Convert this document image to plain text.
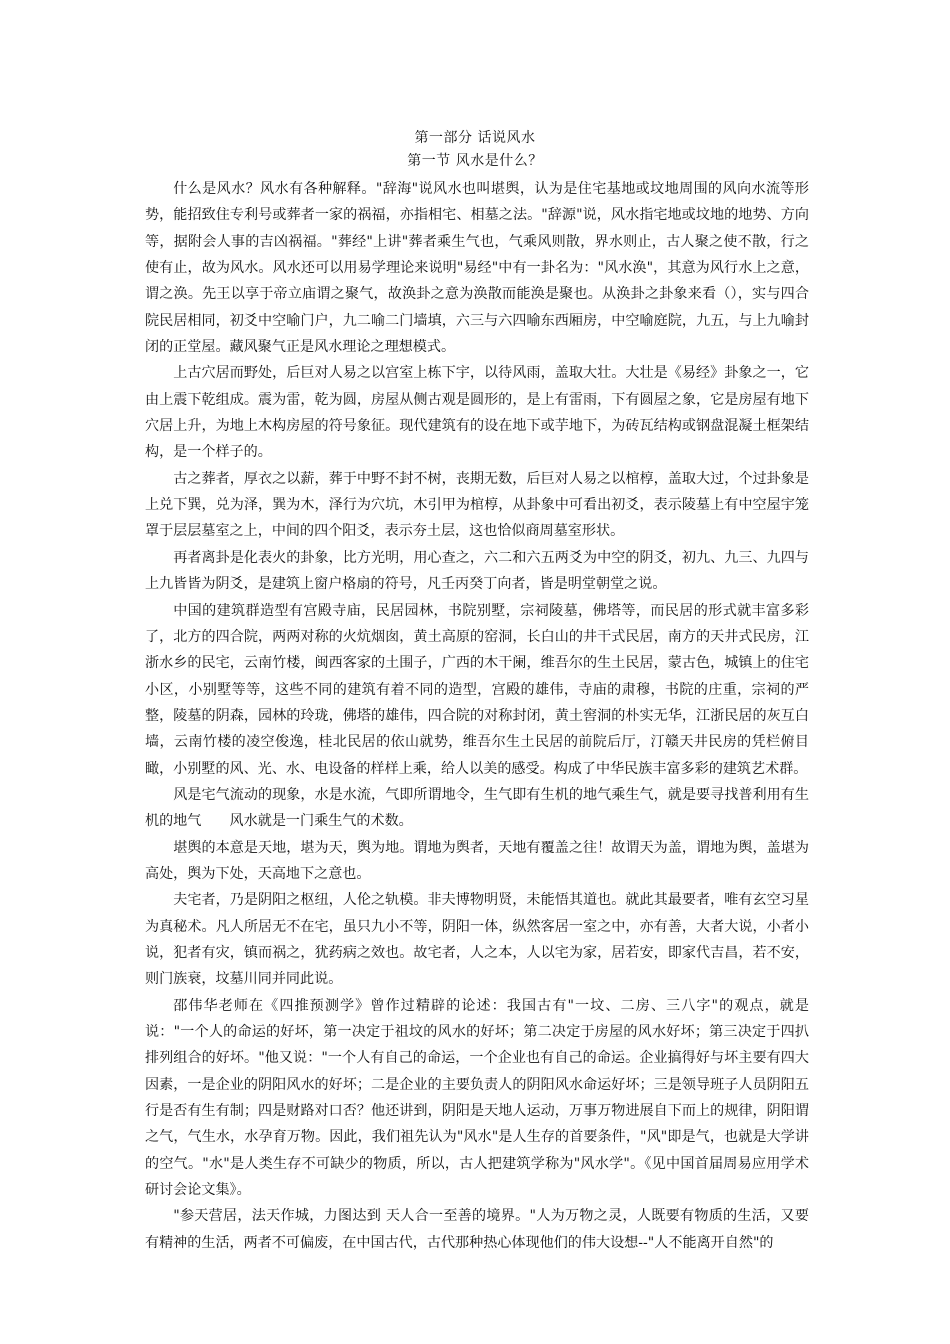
第一部分 话说风水
第一节 风水是什么？

什么是风水？风水有各种解释。"辞海"说风水也叫堪舆，认为是住宅基地或坟地周围的风向水流等形势，能招致住专利号或葬者一家的祸福，亦指相宅、相墓之法。"辞源"说，风水指宅地或坟地的地势、方向等，据附会人事的吉凶祸福。"葬经"上讲"葬者乘生气也，气乘风则散，界水则止，古人聚之使不散，行之使有止，故为风水。风水还可以用易学理论来说明"易经"中有一卦名为："风水涣"，其意为风行水上之意，谓之涣。先王以享于帝立庙谓之聚气，故涣卦之意为涣散而能涣是聚也。从涣卦之卦象来看（），实与四合院民居相同，初爻中空喻门户，九二喻二门墙填，六三与六四喻东西厢房，中空喻庭院，九五，与上九喻封闭的正堂屋。藏风聚气正是风水理论之理想模式。

上古穴居而野处，后巨对人易之以宫室上栋下宇，以待风雨，盖取大壮。大壮是《易经》卦象之一，它由上震下乾组成。震为雷，乾为圆，房屋从侧古观是圆形的，是上有雷雨，下有圆屋之象，它是房屋有地下穴居上升，为地上木构房屋的符号象征。现代建筑有的设在地下或芋地下，为砖瓦结构或钢盘混凝土框架结构，是一个样子的。

古之葬者，厚衣之以薪，葬于中野不封不树，丧期无数，后巨对人易之以棺椁，盖取大过，个过卦象是上兑下巽，兑为泽，巽为木，泽行为穴坑，木引甲为棺椁，从卦象中可看出初爻，表示陵墓上有中空屋宇笼罩于层层墓室之上，中间的四个阳爻，表示夯土层，这也恰似商周墓室形状。

再者离卦是化表火的卦象，比方光明，用心查之，六二和六五两爻为中空的阴爻，初九、九三、九四与上九皆皆为阴爻，是建筑上窗户格扇的符号，凡壬丙癸丁向者，皆是明堂朝堂之说。

中国的建筑群造型有宫殿寺庙，民居园林，书院别墅，宗祠陵墓，佛塔等，而民居的形式就丰富多彩了，北方的四合院，两两对称的火炕烟囱，黄土高原的窑洞，长白山的井干式民居，南方的天井式民房，江浙水乡的民宅，云南竹楼，闽西客家的土围子，广西的木干阑，维吾尔的生土民居，蒙古色，城镇上的住宅小区，小别墅等等，这些不同的建筑有着不同的造型，宫殿的雄伟，寺庙的肃穆，书院的庄重，宗祠的严整，陵墓的阴森，园林的玲珑，佛塔的雄伟，四合院的对称封闭，黄土窖洞的朴实无华，江浙民居的灰互白墙，云南竹楼的凌空俊逸，桂北民居的依山就势，维吾尔生土民居的前院后厅，汀赣天井民房的凭栏俯目瞰，小别墅的风、光、水、电设备的样样上乘，给人以美的感受。构成了中华民族丰富多彩的建筑艺术群。

风是宅气流动的现象，水是水流，气即所谓地令，生气即有生机的地气乘生气，就是要寻找普利用有生机的地气　　风水就是一门乘生气的术数。

堪舆的本意是天地，堪为天，舆为地。谓地为舆者，天地有覆盖之往！故谓天为盖，谓地为舆，盖堪为高处，舆为下处，天高地下之意也。

夫宅者，乃是阴阳之枢纽，人伦之轨模。非夫博物明贤，未能悟其道也。就此其最要者，唯有玄空习星为真秘术。凡人所居无不在宅，虽只九小不等，阴阳一体，纵然客居一室之中，亦有善，大者大说，小者小说，犯者有灾，镇而祸之，犹药病之效也。故宅者，人之本，人以宅为家，居若安，即家代吉昌，若不安，则门族衰，坟墓川同并同此说。

邵伟华老师在《四推预测学》曾作过精辟的论述：我国古有"一坟、二房、三八字"的观点，就是说："一个人的命运的好坏，第一决定于祖坟的风水的好坏；第二决定于房屋的风水好坏；第三决定于四扒排列组合的好坏。"他又说："一个人有自己的命运，一个企业也有自己的命运。企业搞得好与坏主要有四大因素，一是企业的阴阳风水的好坏；二是企业的主要负责人的阴阳风水命运好坏；三是领导班子人员阴阳五行是否有生有制；四是财路对口否？他还讲到，阴阳是天地人运动，万事万物进展自下而上的规律，阴阳谓之气，气生水，水孕育万物。因此，我们祖先认为"风水"是人生存的首要条件，"风"即是气，也就是大学讲的空气。"水"是人类生存不可缺少的物质，所以，古人把建筑学称为"风水学"。《见中国首届周易应用学术研讨会论文集》。

"参天营居，法天作城，力图达到 天人合一至善的境界。"人为万物之灵，人既要有物质的生活，又要有精神的生活，两者不可偏废，在中国古代，古代那种热心体现他们的伟大设想--"人不能离开自然"的
